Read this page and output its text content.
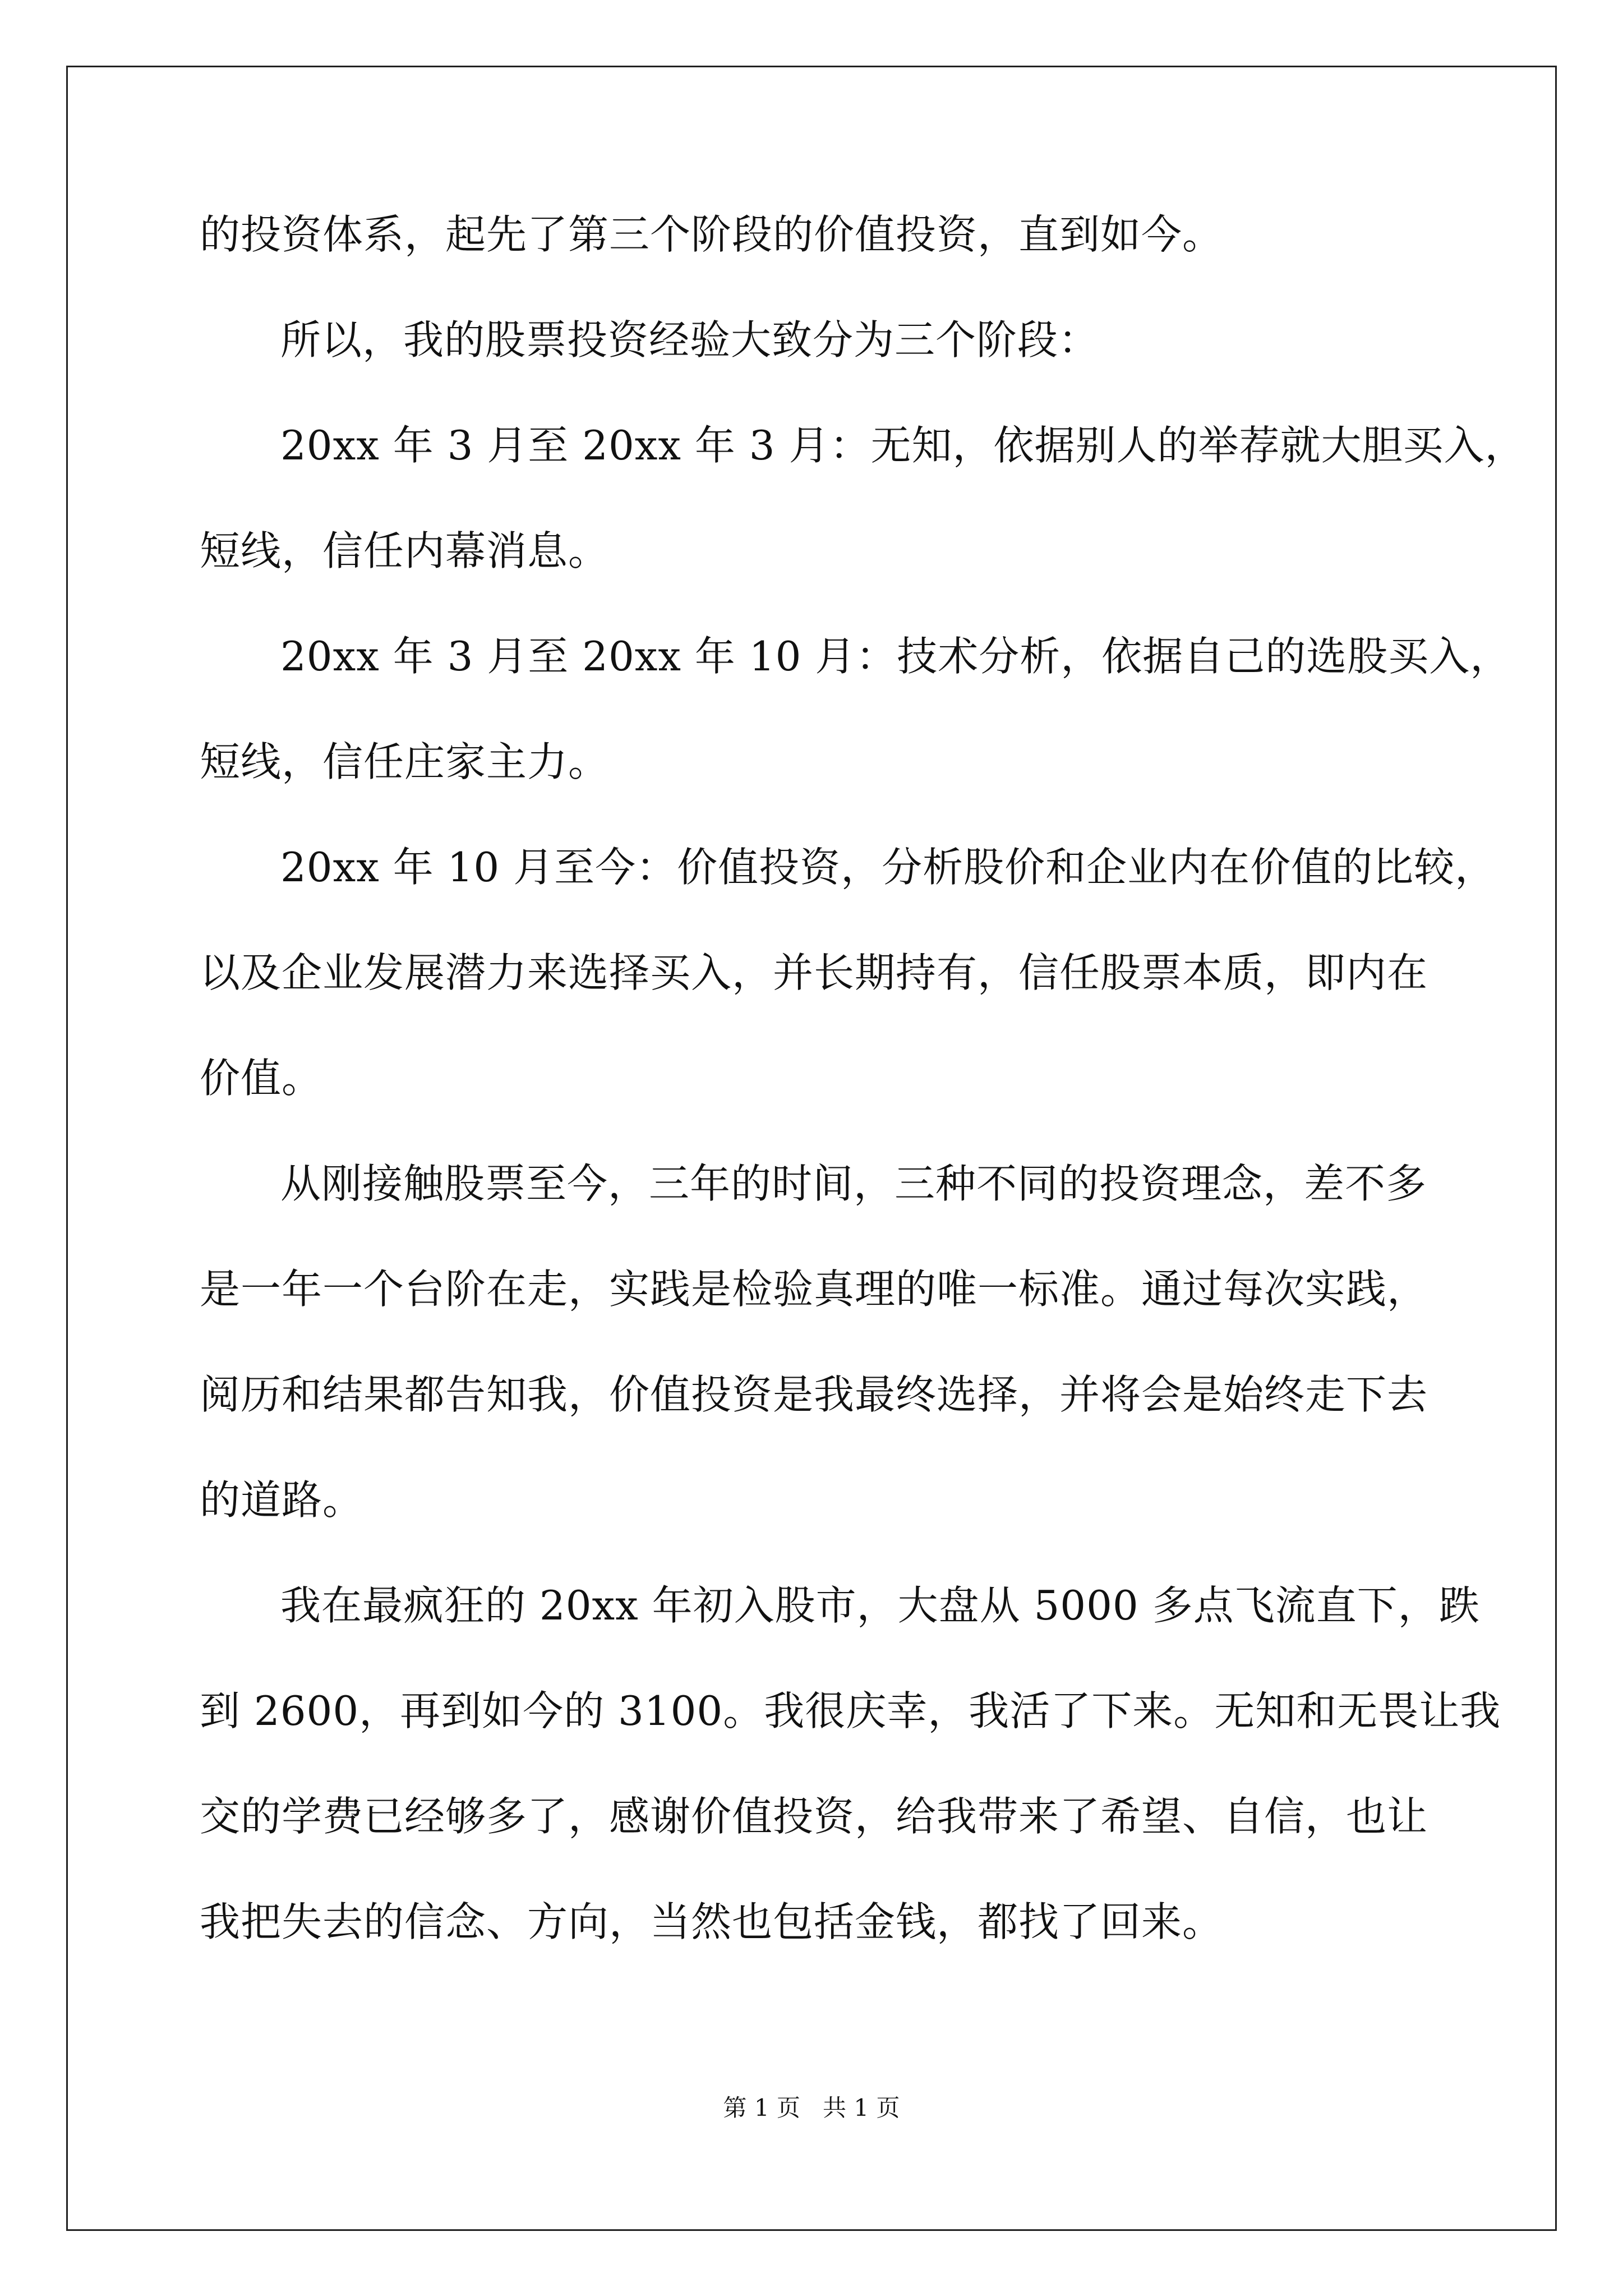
的投资体系，起先了第三个阶段的价值投资，直到如今。
所以，我的股票投资经验大致分为三个阶段：
20xx 年 3 月至 20xx 年 3 月：无知，依据别人的举荐就大胆买入，
短线，信任内幕消息。
20xx 年 3 月至 20xx 年 10 月：技术分析，依据自己的选股买入，
短线，信任庄家主力。
20xx 年 10 月至今：价值投资，分析股价和企业内在价值的比较，
以及企业发展潜力来选择买入，并长期持有，信任股票本质，即内在
价值。
从刚接触股票至今，三年的时间，三种不同的投资理念，差不多
是一年一个台阶在走，实践是检验真理的唯一标准。通过每次实践，
阅历和结果都告知我，价值投资是我最终选择，并将会是始终走下去
的道路。
我在最疯狂的 20xx 年初入股市，大盘从 5000 多点飞流直下，跌
到 2600，再到如今的 3100。我很庆幸，我活了下来。无知和无畏让我
交的学费已经够多了，感谢价值投资，给我带来了希望、自信，也让
我把失去的信念、方向，当然也包括金钱，都找了回来。
第 1 页   共 1 页
